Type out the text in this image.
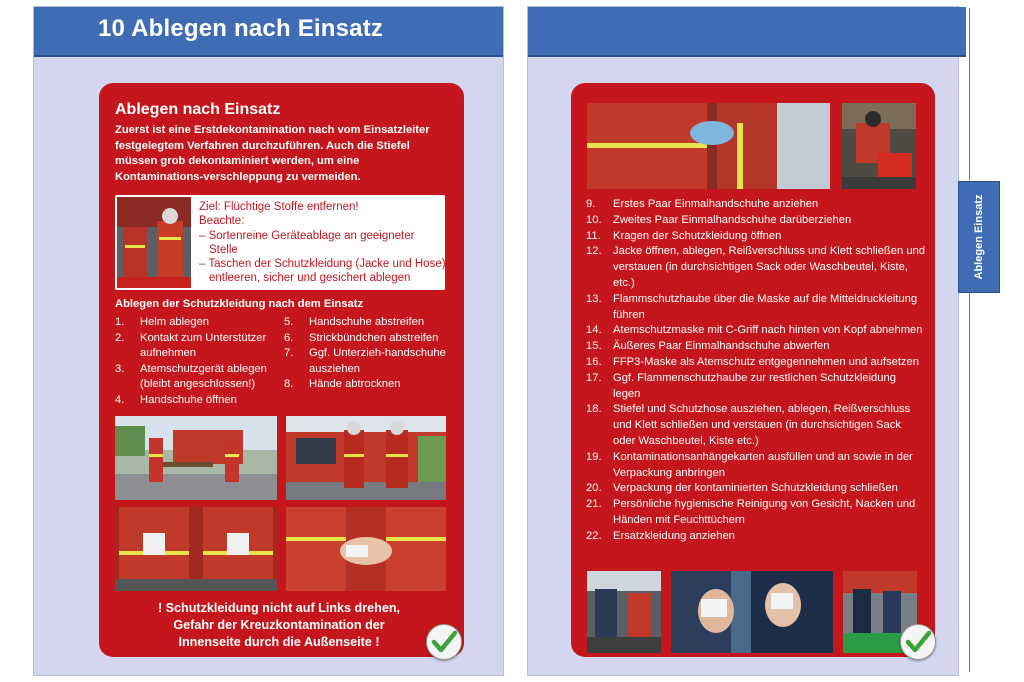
10 Ablegen nach Einsatz
Ablegen nach Einsatz
Zuerst ist eine Erstdekontamination nach vom Einsatzleiter festgelegtem Verfahren durchzuführen. Auch die Stiefel müssen grob dekontaminiert werden, um eine Kontaminations-verschleppung zu vermeiden.
Ziel: Flüchtige Stoffe entfernen!
Beachte:
– Sortenreine Geräteablage an geeigneter
Stelle
– Taschen der Schutzkleidung (Jacke und Hose)
entleeren, sicher und gesichert ablegen
Ablegen der Schutzkleidung nach dem Einsatz
1. Helm ablegen
2. Kontakt zum Unterstützer aufnehmen
3. Atemschutzgerät ablegen (bleibt angeschlossen!)
4. Handschuhe öffnen
5. Handschuhe abstreifen
6. Strickbündchen abstreifen
7. Ggf. Unterzieh-handschuhe ausziehen
8. Hände abtrocknen
! Schutzkleidung nicht auf Links drehen,
Gefahr der Kreuzkontamination der
Innenseite durch die Außenseite !
9. Erstes Paar Einmalhandschuhe anziehen
10. Zweites Paar Einmalhandschuhe darüberziehen
11. Kragen der Schutzkleidung öffnen
12. Jacke öffnen, ablegen, Reißverschluss und Klett schließen und verstauen (in durchsichtigen Sack oder Waschbeutel, Kiste, etc.)
13. Flammschutzhaube über die Maske auf die Mitteldruckleitung führen
14. Atemschutzmaske mit C-Griff nach hinten von Kopf abnehmen
15. Äußeres Paar Einmalhandschuhe abwerfen
16. FFP3-Maske als Atemschutz entgegennehmen und aufsetzen
17. Ggf. Flammenschutzhaube zur restlichen Schutzkleidung legen
18. Stiefel und Schutzhose ausziehen, ablegen, Reißverschluss und Klett schließen und verstauen (in durchsichtigen Sack oder Waschbeutel, Kiste etc.)
19. Kontaminationsanhängekarten ausfüllen und an sowie in der Verpackung anbringen
20. Verpackung der kontaminierten Schutzkleidung schließen
21. Persönliche hygienische Reinigung von Gesicht, Nacken und Händen mit Feuchttüchern
22. Ersatzkleidung anziehen
Ablegen Einsatz
